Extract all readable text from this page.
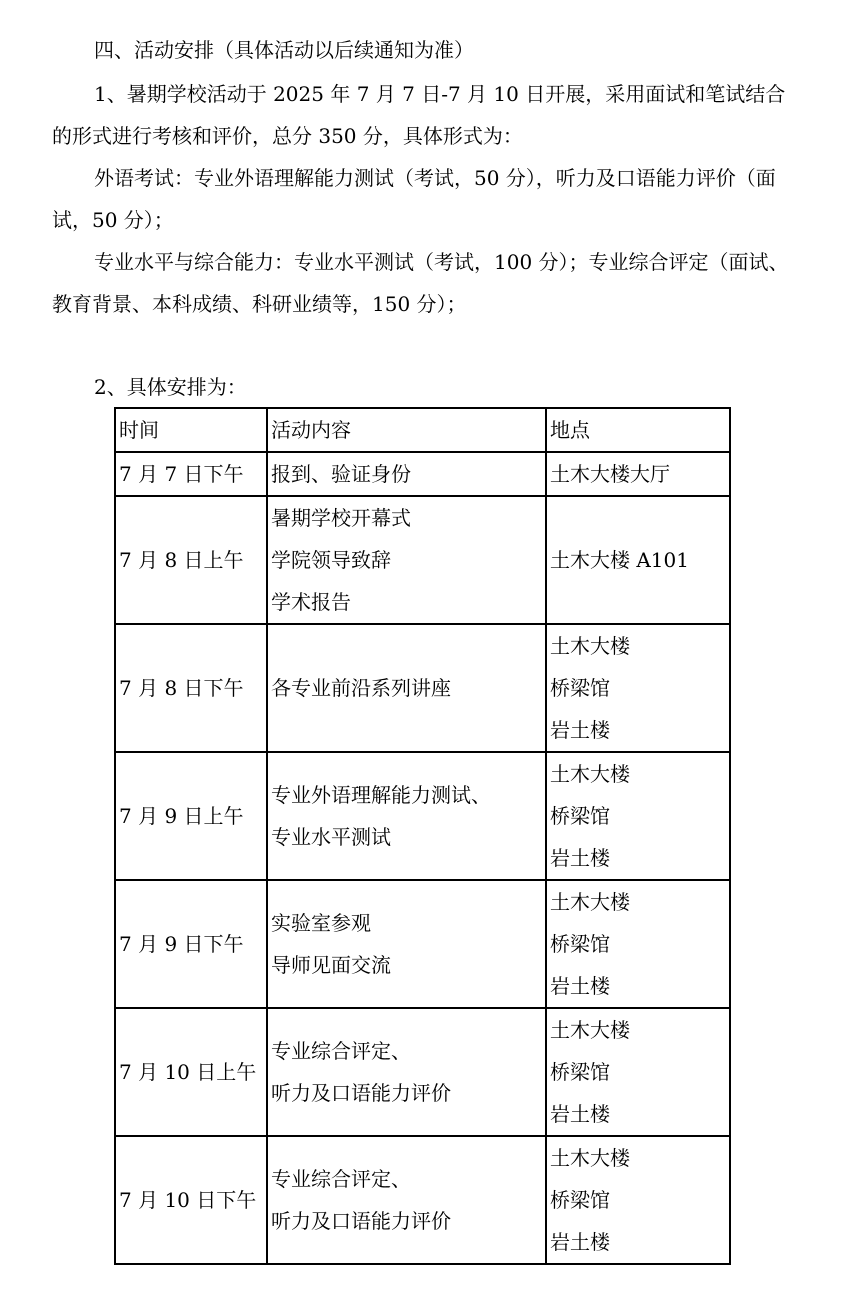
四、活动安排（具体活动以后续通知为准）
1、暑期学校活动于 2025 年 7 月 7 日-7 月 10 日开展，采用面试和笔试结合
的形式进行考核和评价，总分 350 分，具体形式为：
外语考试：专业外语理解能力测试（考试，50 分），听力及口语能力评价（面
试，50 分）；
专业水平与综合能力：专业水平测试（考试，100 分）；专业综合评定（面试、
教育背景、本科成绩、科研业绩等，150 分）；
2、具体安排为：
时间	活动内容	地点
7 月 7 日下午	报到、验证身份	土木大楼大厅

7 月 8 日上午	暑期学校开幕式
学院领导致辞
学术报告	土木大楼 A101

7 月 8 日下午	各专业前沿系列讲座	土木大楼
桥梁馆
岩土楼

7 月 9 日上午	专业外语理解能力测试、
专业水平测试	土木大楼
桥梁馆
岩土楼

7 月 9 日下午	实验室参观
导师见面交流	土木大楼
桥梁馆
岩土楼

7 月 10 日上午	专业综合评定、
听力及口语能力评价	土木大楼
桥梁馆
岩土楼

7 月 10 日下午	专业综合评定、
听力及口语能力评价	土木大楼
桥梁馆
岩土楼
